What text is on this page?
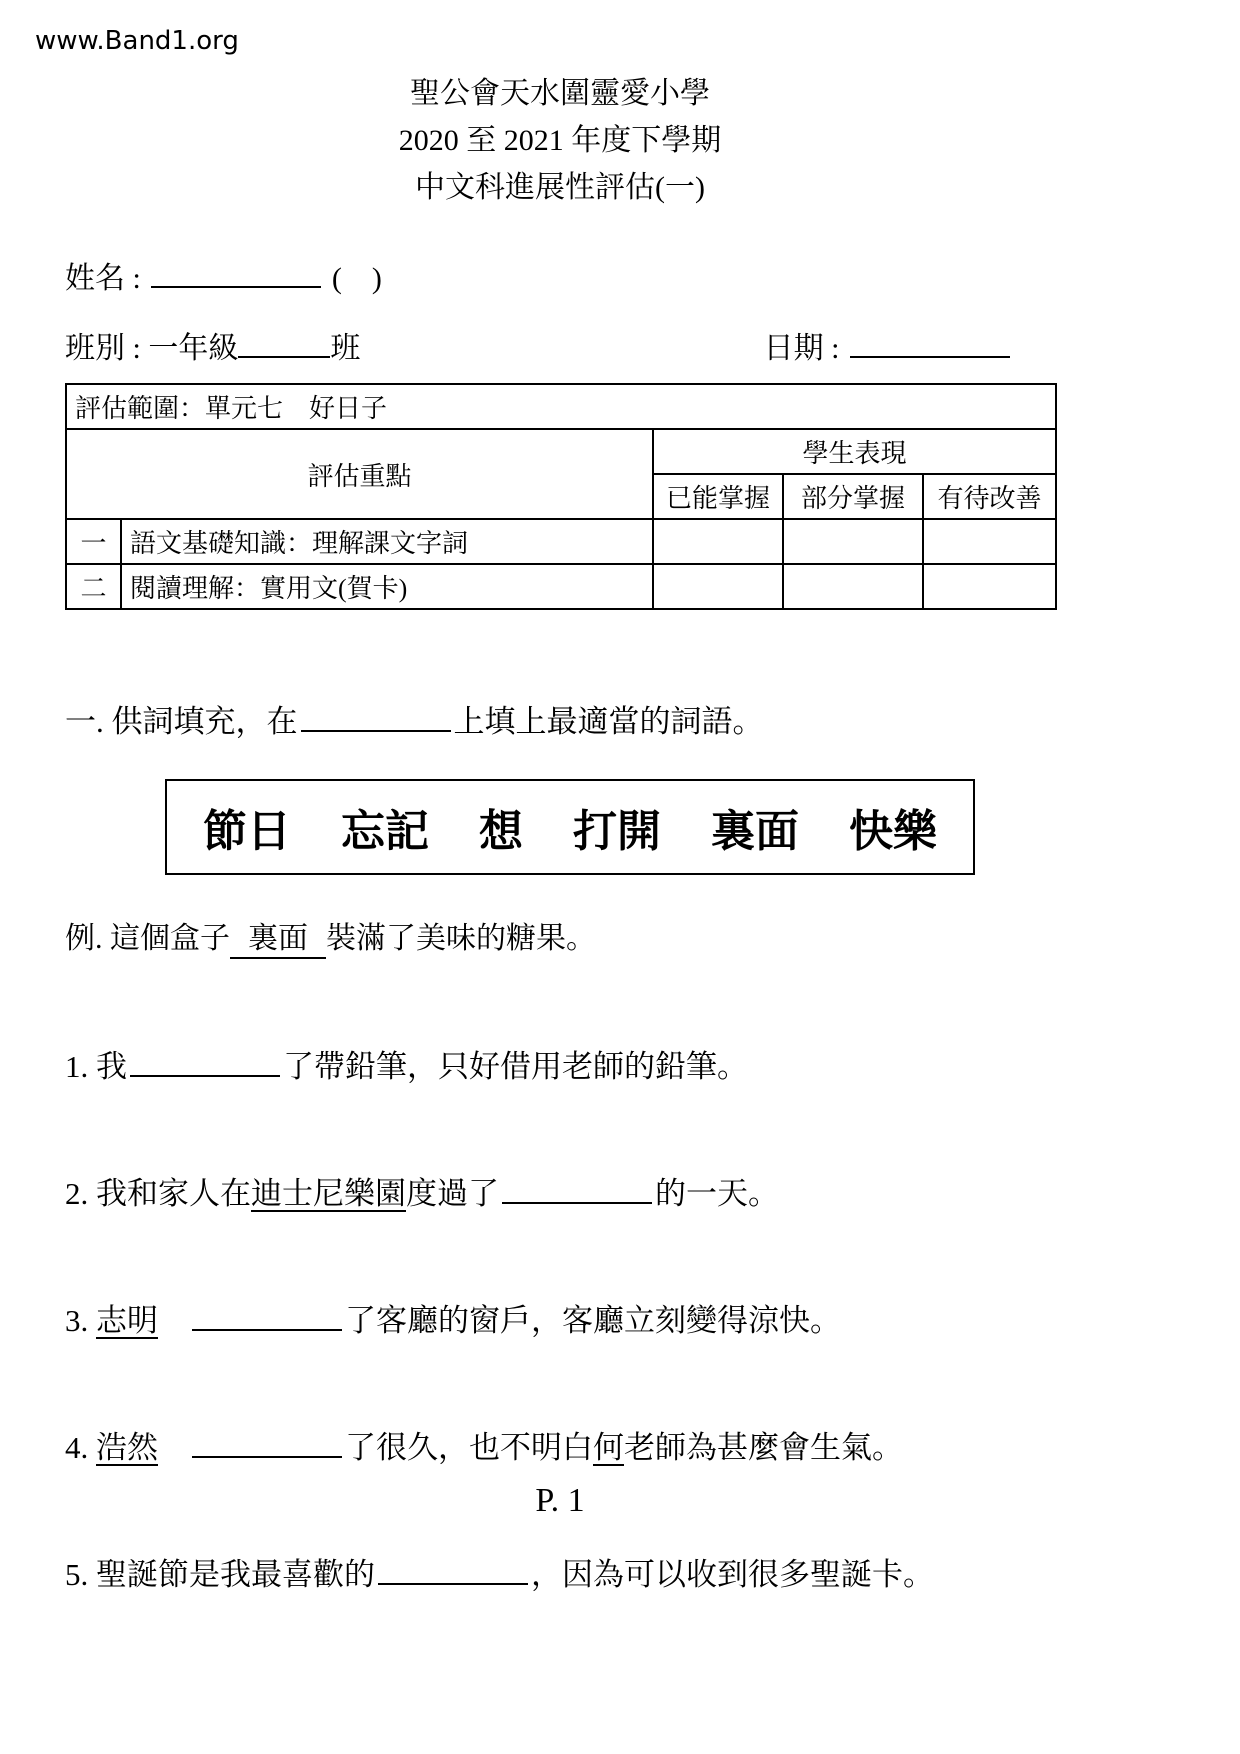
www.Band1.org
聖公會天水圍靈愛小學
2020 至 2021 年度下學期
中文科進展性評估(一)
姓名 :	(　)
班別 : 一年級	班	日期 :
評估範圍：單元七　好日子				
評估重點		學生表現		
		已能掌握	部分掌握	有待改善
一	語文基礎知識：理解課文字詞			
二	閱讀理解：實用文(賀卡)			
一. 供詞填充，在	上填上最適當的詞語。
節日 忘記 想 打開 裏面 快樂
例. 這個盒子 裏面 裝滿了美味的糖果。
1. 我	了帶鉛筆，只好借用老師的鉛筆。
2. 我和家人在迪士尼樂園度過了	的一天。
3. 志明　	了客廳的窗戶，客廳立刻變得涼快。
4. 浩然　	了很久，也不明白何老師為甚麼會生氣。
5. 聖誕節是我最喜歡的	，因為可以收到很多聖誕卡。
P. 1
